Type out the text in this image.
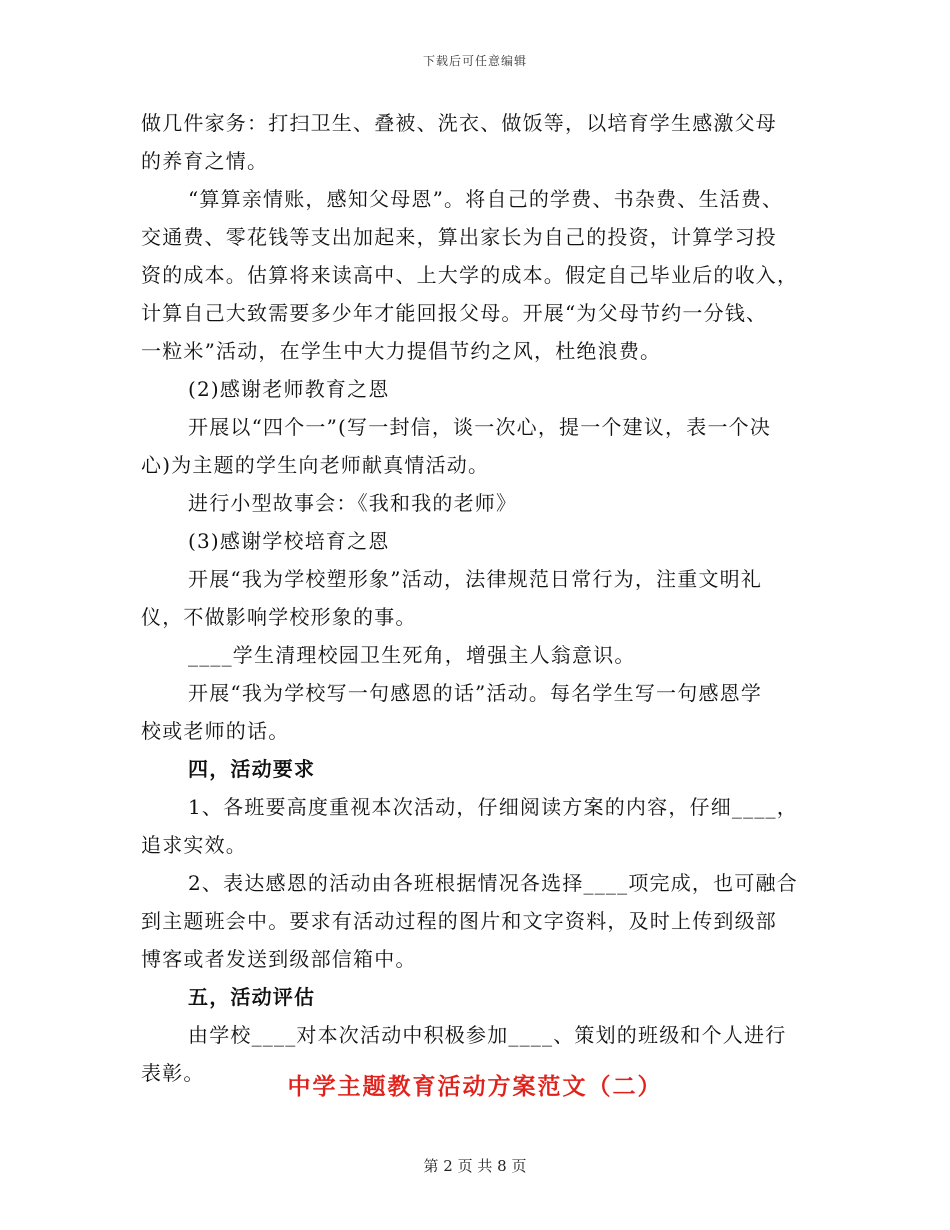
下载后可任意编辑
做几件家务：打扫卫生、叠被、洗衣、做饭等，以培育学生感激父母
的养育之情。
“算算亲情账，感知父母恩”。将自己的学费、书杂费、生活费、
交通费、零花钱等支出加起来，算出家长为自己的投资，计算学习投
资的成本。估算将来读高中、上大学的成本。假定自己毕业后的收入，
计算自己大致需要多少年才能回报父母。开展“为父母节约一分钱、
一粒米”活动，在学生中大力提倡节约之风，杜绝浪费。
(2)感谢老师教育之恩
开展以“四个一”(写一封信，谈一次心，提一个建议，表一个决
心)为主题的学生向老师献真情活动。
进行小型故事会：《我和我的老师》
(3)感谢学校培育之恩
开展“我为学校塑形象”活动，法律规范日常行为，注重文明礼
仪，不做影响学校形象的事。
____学生清理校园卫生死角，增强主人翁意识。
开展“我为学校写一句感恩的话”活动。每名学生写一句感恩学
校或老师的话。
四，活动要求
1、各班要高度重视本次活动，仔细阅读方案的内容，仔细____，
追求实效。
2、表达感恩的活动由各班根据情况各选择____项完成，也可融合
到主题班会中。要求有活动过程的图片和文字资料，及时上传到级部
博客或者发送到级部信箱中。
五，活动评估
由学校____对本次活动中积极参加____、策划的班级和个人进行
表彰。	中学主题教育活动方案范文（二）
第 2 页 共 8 页
